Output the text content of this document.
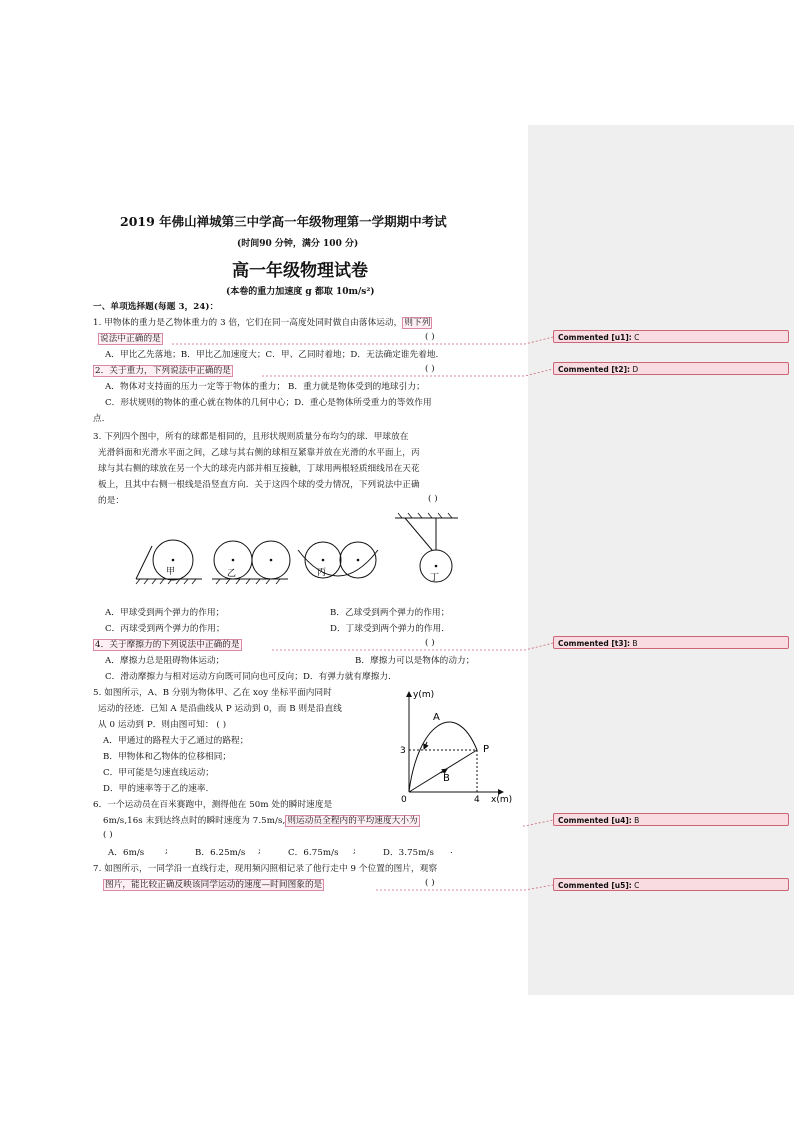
2019 年佛山禅城第三中学高一年级物理第一学期期中考试
(时间90 分钟，满分 100 分)
高一年级物理试卷
(本卷的重力加速度 g 都取 10m/s²)
一、单项选择题(每题 3，24)：
1. 甲物体的重力是乙物体重力的 3 倍，它们在同一高度处同时做自由落体运动， 则下列
说法中正确的是	( )
A．甲比乙先落地；B．甲比乙加速度大；C．甲、乙同时着地；D．无法确定谁先着地．
2．关于重力，下列说法中正确的是	( )
A．物体对支持面的压力一定等于物体的重力； B．重力就是物体受到的地球引力；
C．形状规则的物体的重心就在物体的几何中心；D．重心是物体所受重力的等效作用
点．
3. 下列四个图中，所有的球都是相同的，且形状规则质量分布均匀的球．甲球放在
光滑斜面和光滑水平面之间，乙球与其右侧的球相互紧靠并放在光滑的水平面上，丙
球与其右侧的球放在另一个大的球壳内部并相互接触，丁球用两根轻质细线吊在天花
板上，且其中右侧一根线是沿竖直方向．关于这四个球的受力情况，下列说法中正确
的是：	( )
甲	乙	丙	丁
A．甲球受到两个弹力的作用；	B．乙球受到两个弹力的作用；
C．丙球受到两个弹力的作用；	D．丁球受到两个弹力的作用．
4．关于摩擦力的下列说法中正确的是	( )
A．摩擦力总是阻碍物体运动；	B．摩擦力可以是物体的动力；
C．滑动摩擦力与相对运动方向既可同向也可反向；D．有弹力就有摩擦力．
5. 如图所示，A、B 分别为物体甲、乙在 xoy 坐标平面内同时
运动的径迹．已知 A 是沿曲线从 P 运动到 0，而 B 则是沿直线
从 0 运动到 P．则由图可知： ( )
A．甲通过的路程大于乙通过的路程；
B．甲物体和乙物体的位移相同；
C．甲可能是匀速直线运动；
D．甲的速率等于乙的速率．
y(m)
x(m)
0
3
4
A
B
P
6．一个运动员在百米赛跑中，测得他在 50m 处的瞬时速度是
6m/s,16s 末到达终点时的瞬时速度为 7.5m/s, 则运动员全程内的平均速度大小为
( )
A．6m/s ;	B．6.25m/s ;	C．6.75m/s ;	D．3.75m/s .
7. 如图所示，一同学沿一直线行走，现用频闪照相记录了他行走中 9 个位置的图片，观察
图片，能比较正确反映该同学运动的速度—时间图象的是	( )
Commented [u1]: C
Commented [t2]: D
Commented [t3]: B
Commented [u4]: B
Commented [u5]: C
